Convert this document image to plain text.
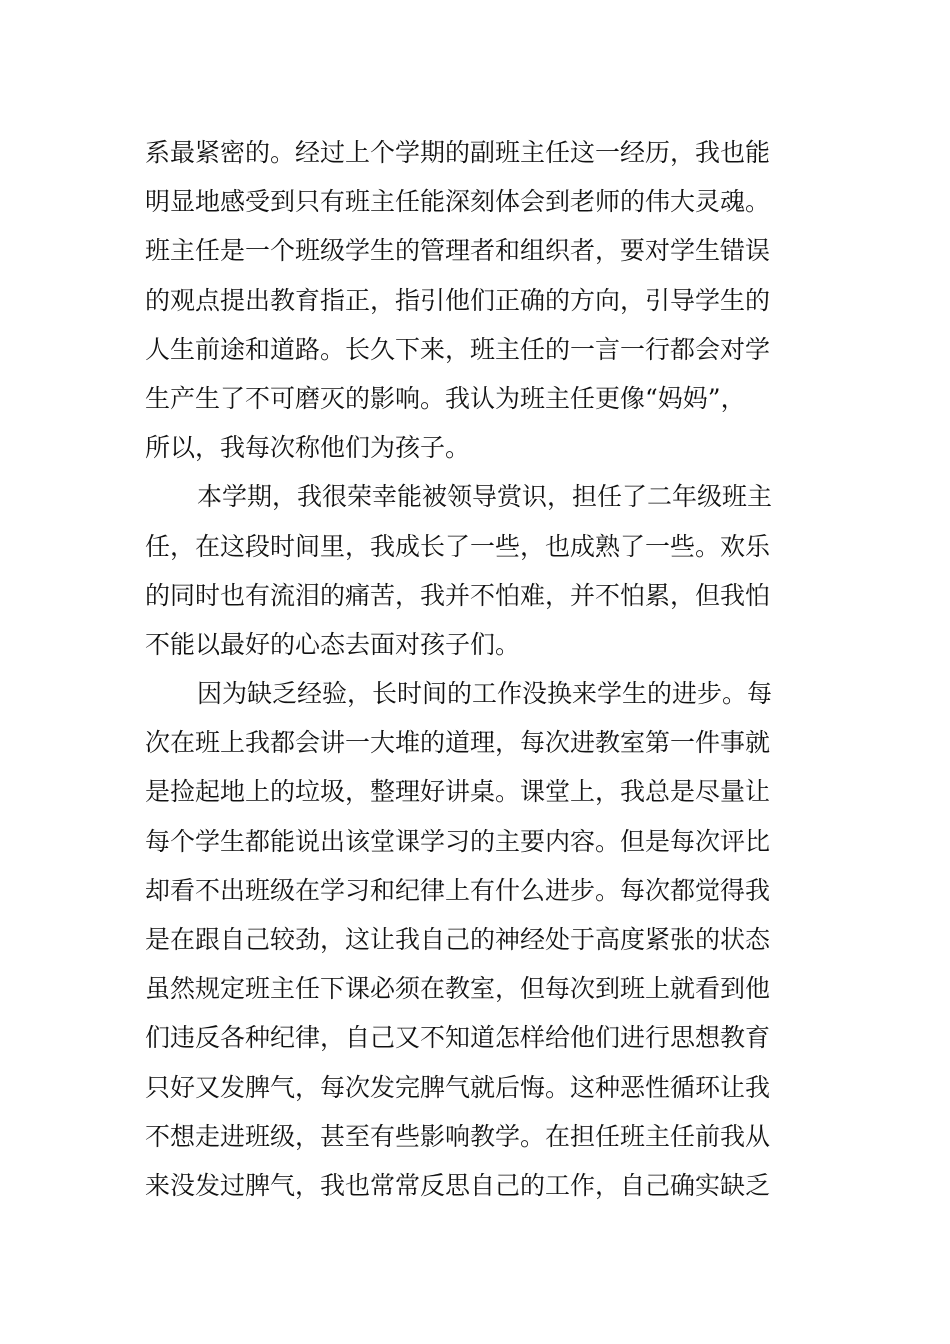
系最紧密的。经过上个学期的副班主任这一经历，我也能
明显地感受到只有班主任能深刻体会到老师的伟大灵魂。
班主任是一个班级学生的管理者和组织者，要对学生错误
的观点提出教育指正，指引他们正确的方向，引导学生的
人生前途和道路。长久下来，班主任的一言一行都会对学
生产生了不可磨灭的影响。我认为班主任更像“妈妈”，
所以，我每次称他们为孩子。
本学期，我很荣幸能被领导赏识，担任了二年级班主
任，在这段时间里，我成长了一些，也成熟了一些。欢乐
的同时也有流泪的痛苦，我并不怕难，并不怕累，但我怕
不能以最好的心态去面对孩子们。
因为缺乏经验，长时间的工作没换来学生的进步。每
次在班上我都会讲一大堆的道理，每次进教室第一件事就
是捡起地上的垃圾，整理好讲桌。课堂上，我总是尽量让
每个学生都能说出该堂课学习的主要内容。但是每次评比
却看不出班级在学习和纪律上有什么进步。每次都觉得我
是在跟自己较劲，这让我自己的神经处于高度紧张的状态
虽然规定班主任下课必须在教室，但每次到班上就看到他
们违反各种纪律，自己又不知道怎样给他们进行思想教育
只好又发脾气，每次发完脾气就后悔。这种恶性循环让我
不想走进班级，甚至有些影响教学。在担任班主任前我从
来没发过脾气，我也常常反思自己的工作，自己确实缺乏
